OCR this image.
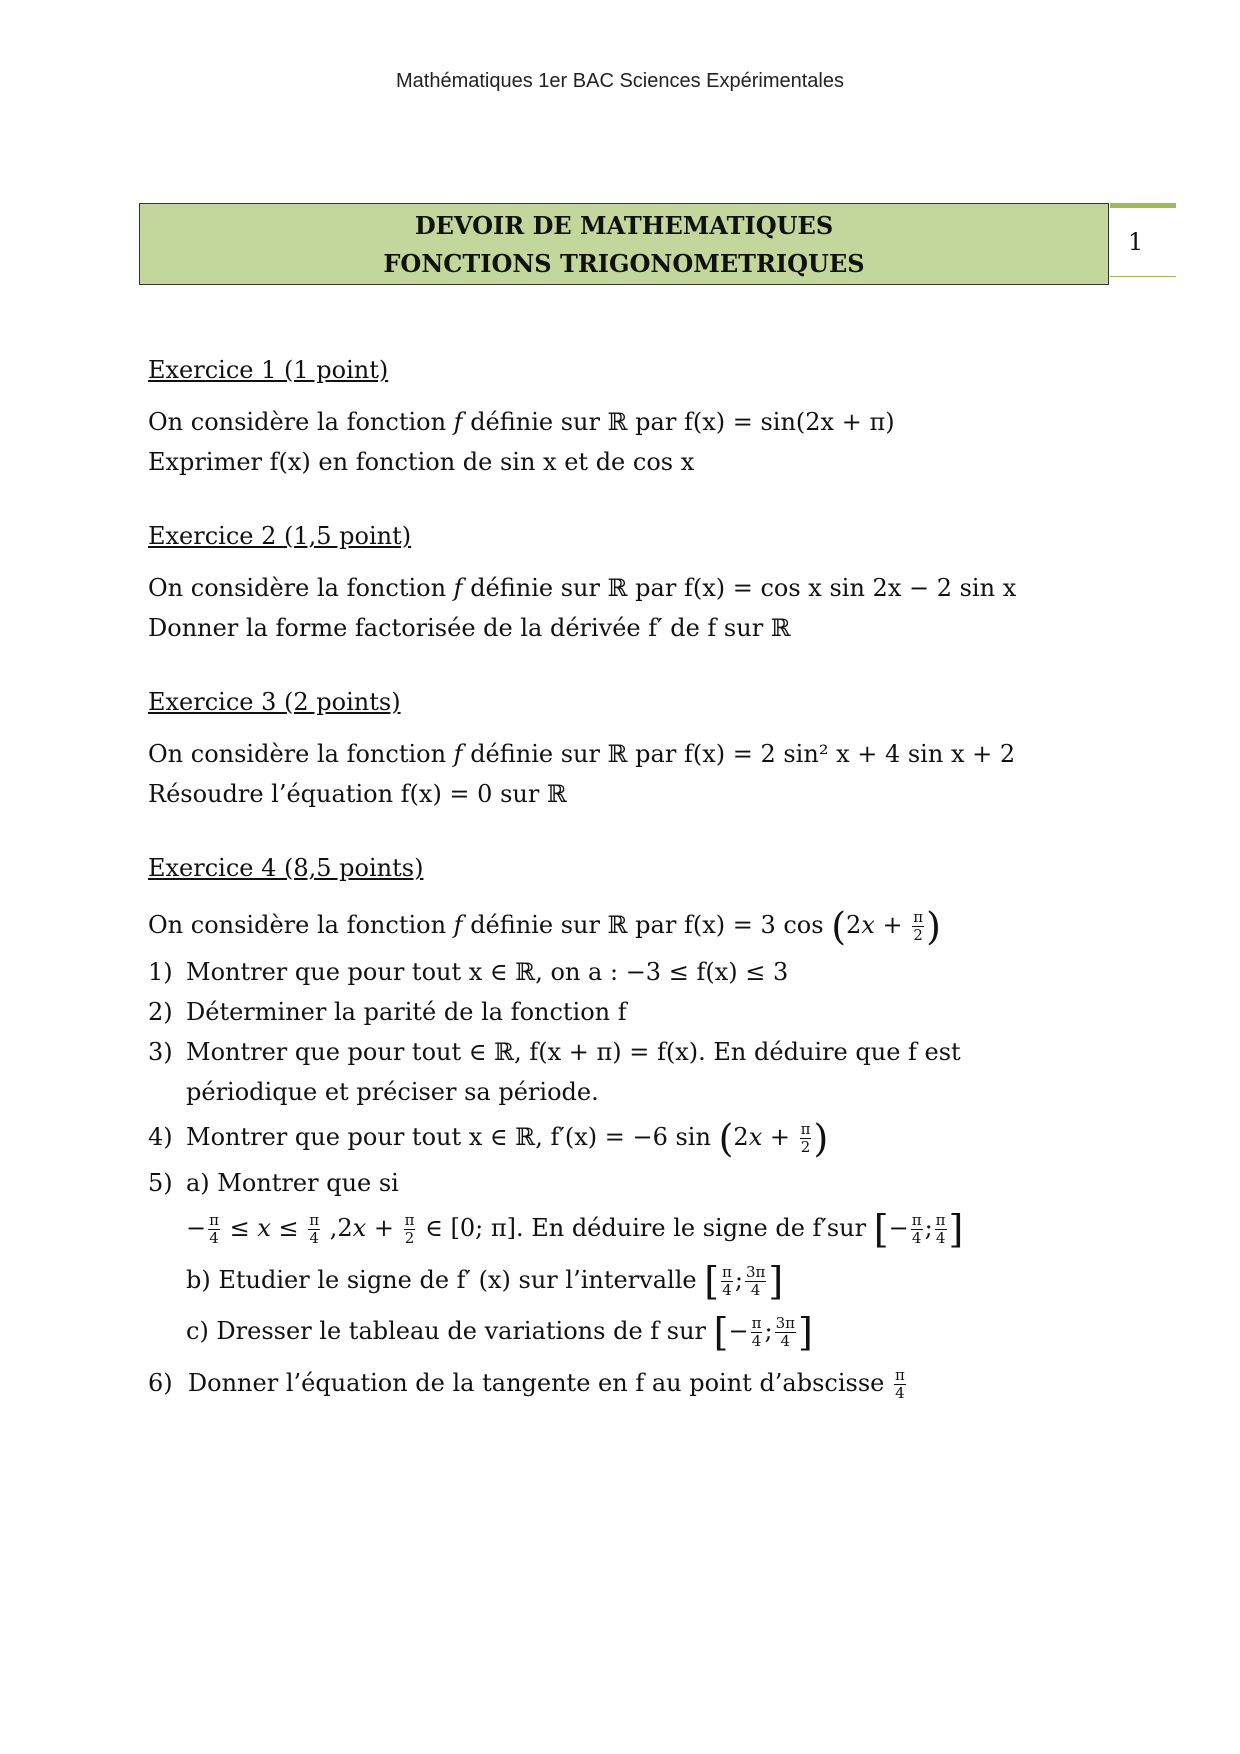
Mathématiques 1er BAC Sciences Expérimentales
DEVOIR DE MATHEMATIQUES
FONCTIONS TRIGONOMETRIQUES
1
Exercice 1 (1 point)
On considère la fonction f définie sur ℝ par f(x) = sin(2x + π)
Exprimer f(x) en fonction de sin x et de cos x
Exercice 2 (1,5 point)
On considère la fonction f définie sur ℝ par f(x) = cos x sin 2x − 2 sin x
Donner la forme factorisée de la dérivée f′ de f sur ℝ
Exercice 3 (2 points)
On considère la fonction f définie sur ℝ par f(x) = 2 sin² x + 4 sin x + 2
Résoudre l’équation f(x) = 0 sur ℝ
Exercice 4 (8,5 points)
On considère la fonction f définie sur ℝ par f(x) = 3 $\cos (2x + \frac{\pi}{2}$ )
1) Montrer que pour tout x ∈ ℝ, on a : −3 ≤ f(x) ≤ 3
2) Déterminer la parité de la fonction f
3) Montrer que pour tout ∈ ℝ, f(x + π) = f(x). En déduire que f est
périodique et préciser sa période.
4) Montrer que pour tout x ∈ ℝ, f′(x) = −6 $\sin (2x + \frac{\pi}{2}$ )
5) a) Montrer que si
− $\frac{\pi}{4} \le x \le \frac{\pi}{4} ,2x + \frac{\pi}{2}$ ∈ [0; π]. En déduire le signe de f′sur [− $\frac{\pi}{4}$ ; $\frac{\pi}{4}$ ]
b) Etudier le signe de f′ (x) sur l’intervalle [ $\frac{\pi}{4}$ ; $\frac{3\pi}{4}$ ]
c) Dresser le tableau de variations de f sur [− $\frac{\pi}{4}$ ; $\frac{3\pi}{4}$ ]
6) Donner l’équation de la tangente en f au point d’abscisse $\frac{\pi}{4}$
